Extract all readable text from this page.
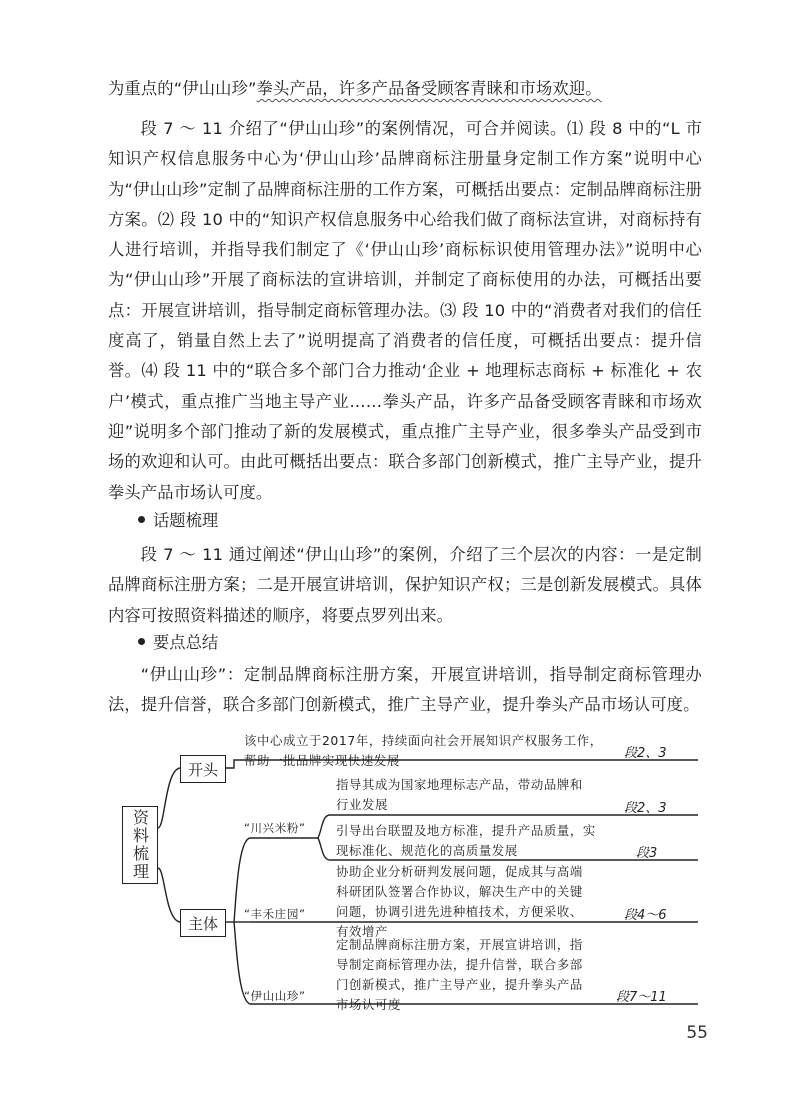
为重点的“伊山山珍”拳头产品，许多产品备受顾客青睐和市场欢迎。

段 7 ～ 11 介绍了“伊山山珍”的案例情况，可合并阅读。⑴ 段 8 中的“L 市知识产权信息服务中心为‘伊山山珍’品牌商标注册量身定制工作方案”说明中心为“伊山山珍”定制了品牌商标注册的工作方案，可概括出要点：定制品牌商标注册方案。⑵ 段 10 中的“知识产权信息服务中心给我们做了商标法宣讲，对商标持有人进行培训，并指导我们制定了《‘伊山山珍’商标标识使用管理办法》”说明中心为“伊山山珍”开展了商标法的宣讲培训，并制定了商标使用的办法，可概括出要点：开展宣讲培训，指导制定商标管理办法。⑶ 段 10 中的“消费者对我们的信任度高了，销量自然上去了”说明提高了消费者的信任度，可概括出要点：提升信誉。⑷ 段 11 中的“联合多个部门合力推动‘企业 + 地理标志商标 + 标准化 + 农户’模式，重点推广当地主导产业……拳头产品，许多产品备受顾客青睐和市场欢迎”说明多个部门推动了新的发展模式，重点推广主导产业，很多拳头产品受到市场的欢迎和认可。由此可概括出要点：联合多部门创新模式，推广主导产业，提升拳头产品市场认可度。

话题梳理

段 7 ～ 11 通过阐述“伊山山珍”的案例，介绍了三个层次的内容：一是定制品牌商标注册方案；二是开展宣讲培训，保护知识产权；三是创新发展模式。具体内容可按照资料描述的顺序，将要点罗列出来。

要点总结

“伊山山珍”：定制品牌商标注册方案，开展宣讲培训，指导制定商标管理办法，提升信誉，联合多部门创新模式，推广主导产业，提升拳头产品市场认可度。

资料梳理
开头
该中心成立于2017年，持续面向社会开展知识产权服务工作，
帮助一批品牌实现快速发展	段2、3
主体
“川兴米粉”
指导其成为国家地理标志产品，带动品牌和
行业发展	段2、3
引导出台联盟及地方标准，提升产品质量，实
现标准化、规范化的高质量发展	段3
“丰禾庄园”
协助企业分析研判发展问题，促成其与高端
科研团队签署合作协议，解决生产中的关键
问题，协调引进先进种植技术，方便采收、
有效增产
段4～6
“伊山山珍”
定制品牌商标注册方案，开展宣讲培训，指
导制定商标管理办法，提升信誉，联合多部
门创新模式，推广主导产业，提升拳头产品
市场认可度	段7～11
55
